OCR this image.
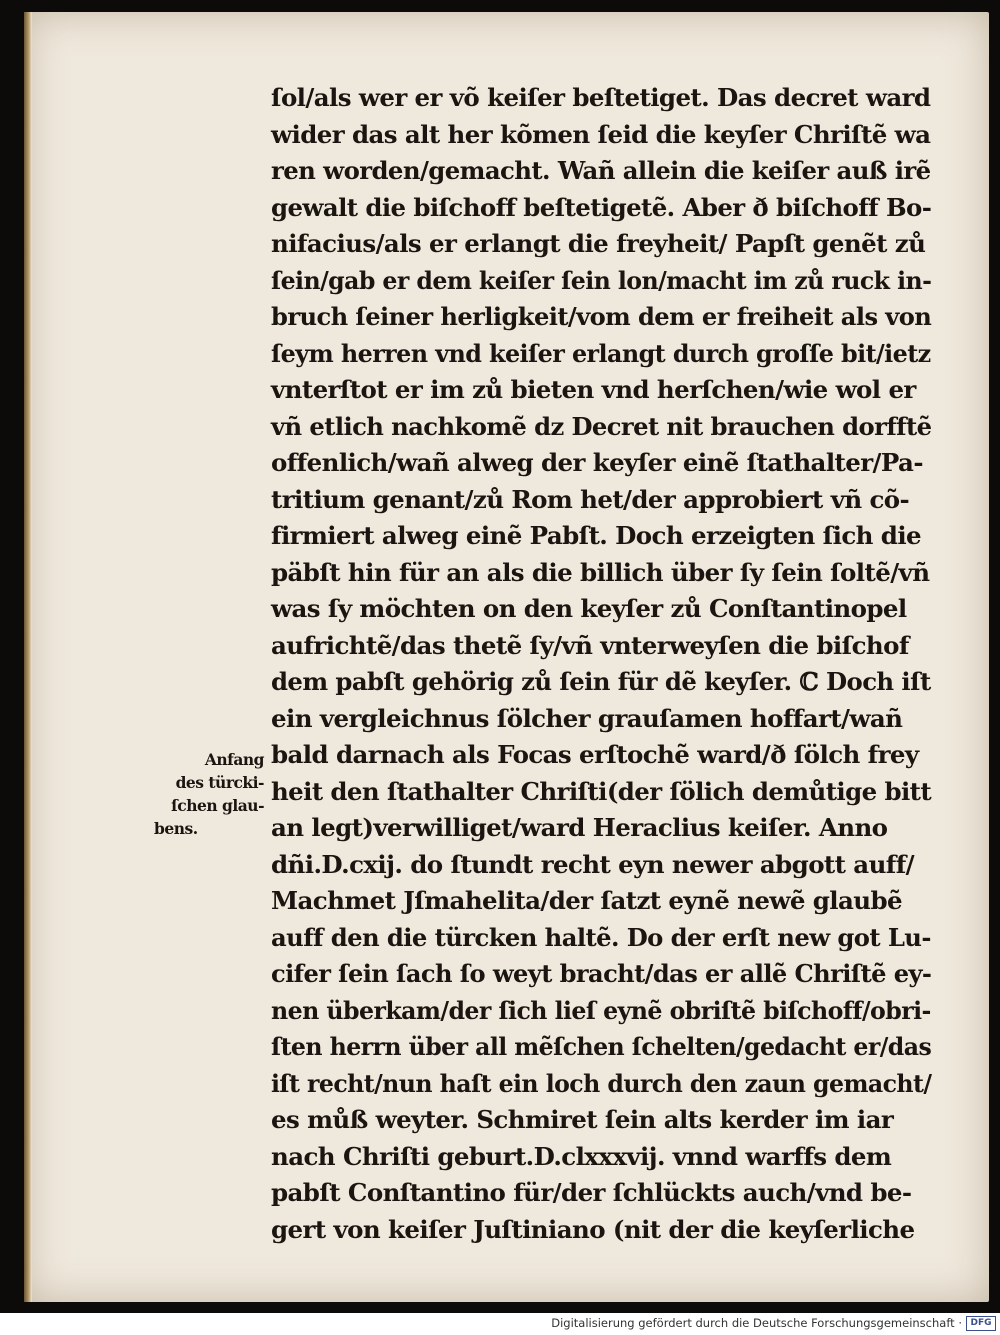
ſol/als wer er võ keiſer beſtetiget. Das decret ward
wider das alt her kõmen ſeid die keyſer Chriſtẽ wa
ren worden/gemacht. Wañ allein die keiſer auß irẽ
gewalt die biſchoff beſtetigetẽ. Aber ð biſchoff Bo-
nifacius/als er erlangt die freyheit/ Papſt genẽt zů
ſein/gab er dem keiſer ſein lon/macht im zů ruck in-
bruch ſeiner herligkeit/vom dem er freiheit als von
ſeym herren vnd keiſer erlangt durch groſſe bit/ietz
vnterſtot er im zů bieten vnd herſchen/wie wol er
vñ etlich nachkomẽ dz Decret nit brauchen dorfftẽ
offenlich/wañ alweg der keyſer einẽ ſtathalter/Pa-
tritium genant/zů Rom het/der approbiert vñ cõ-
firmiert alweg einẽ Pabſt. Doch erzeigten ſich die
päbſt hin für an als die billich über ſy ſein ſoltẽ/vñ
was ſy möchten on den keyſer zů Conſtantinopel
aufrichtẽ/das thetẽ ſy/vñ vnterweyſen die biſchof
dem pabſt gehörig zů ſein für dẽ keyſer. ℂ Doch iſt
ein vergleichnus ſölcher grauſamen hoffart/wañ
bald darnach als Focas erſtochẽ ward/ð ſölch frey
heit den ſtathalter Chriſti(der ſölich demůtige bitt
an legt)verwilliget/ward Heraclius keiſer. Anno
dñi.D.cxij. do ſtundt recht eyn newer abgott auff/
Machmet Jſmahelita/der ſatzt eynẽ newẽ glaubẽ
auff den die türcken haltẽ. Do der erſt new got Lu-
cifer ſein ſach ſo weyt bracht/das er allẽ Chriſtẽ ey-
nen überkam/der ſich lieſ eynẽ obriſtẽ biſchoff/obri-
ſten herrn über all mẽſchen ſchelten/gedacht er/das
iſt recht/nun haſt ein loch durch den zaun gemacht/
es můß weyter. Schmiret ſein alts kerder im iar
nach Chriſti geburt.D.clxxxvij. vnnd warffs dem
pabſt Conſtantino für/der ſchlückts auch/vnd be-
gert von keiſer Juſtiniano (nit der die keyſerliche
Anfang
des türcki-
ſchen glau-
bens.
Digitalisierung gefördert durch die Deutsche Forschungsgemeinschaft · DFG
